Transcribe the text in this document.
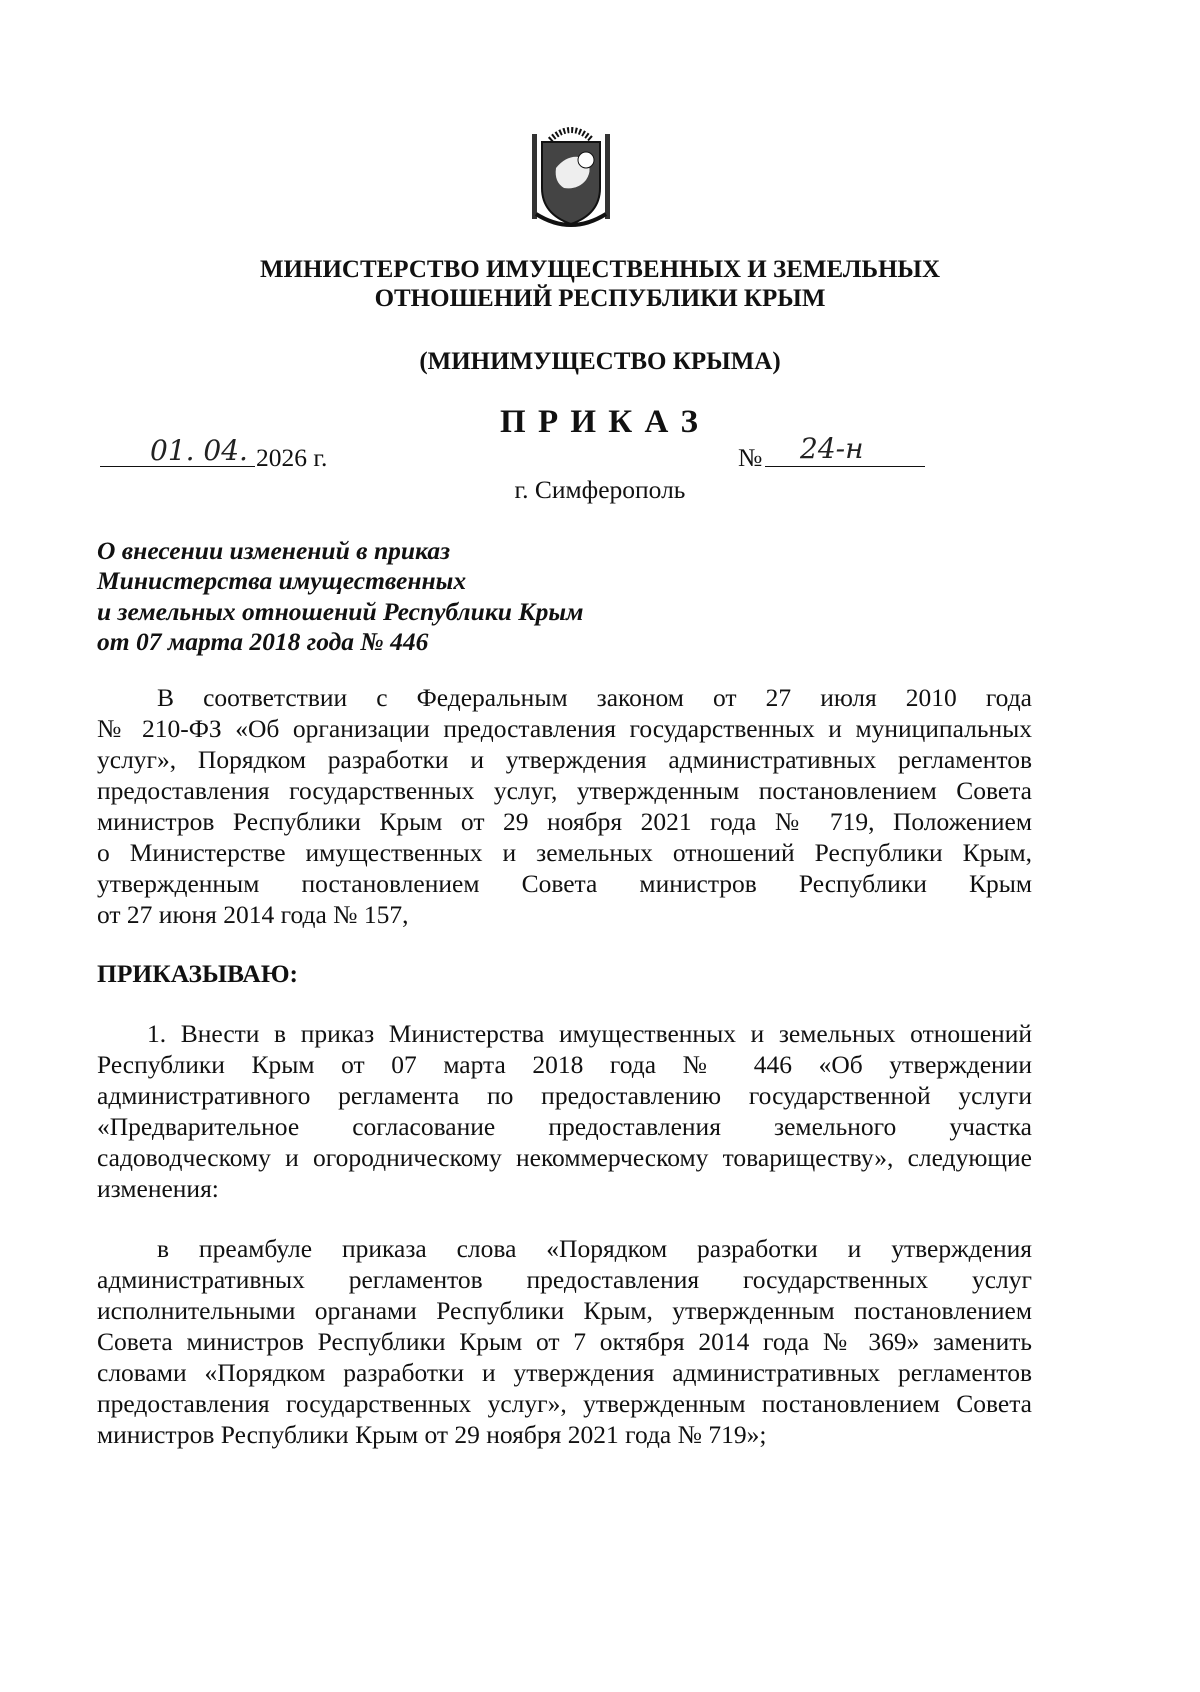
МИНИСТЕРСТВО ИМУЩЕСТВЕННЫХ И ЗЕМЕЛЬНЫХ
ОТНОШЕНИЙ РЕСПУБЛИКИ КРЫМ
(МИНИМУЩЕСТВО КРЫМА)
П Р И К А З
01. 04. 2026 г.	№ 24-н
г. Симферополь
О внесении изменений в приказ
Министерства имущественных
и земельных отношений Республики Крым
от 07 марта 2018 года № 446
В соответствии с Федеральным законом от 27 июля 2010 года
№ 210-ФЗ «Об организации предоставления государственных и муниципальных
услуг», Порядком разработки и утверждения административных регламентов
предоставления государственных услуг, утвержденным постановлением Совета
министров Республики Крым от 29 ноября 2021 года № 719, Положением
о Министерстве имущественных и земельных отношений Республики Крым,
утвержденным постановлением Совета министров Республики Крым
от 27 июня 2014 года № 157,
ПРИКАЗЫВАЮ:
1. Внести в приказ Министерства имущественных и земельных отношений
Республики Крым от 07 марта 2018 года № 446 «Об утверждении
административного регламента по предоставлению государственной услуги
«Предварительное согласование предоставления земельного участка
садоводческому и огородническому некоммерческому товариществу», следующие
изменения:
в преамбуле приказа слова «Порядком разработки и утверждения
административных регламентов предоставления государственных услуг
исполнительными органами Республики Крым, утвержденным постановлением
Совета министров Республики Крым от 7 октября 2014 года № 369» заменить
словами «Порядком разработки и утверждения административных регламентов
предоставления государственных услуг», утвержденным постановлением Совета
министров Республики Крым от 29 ноября 2021 года № 719»;
